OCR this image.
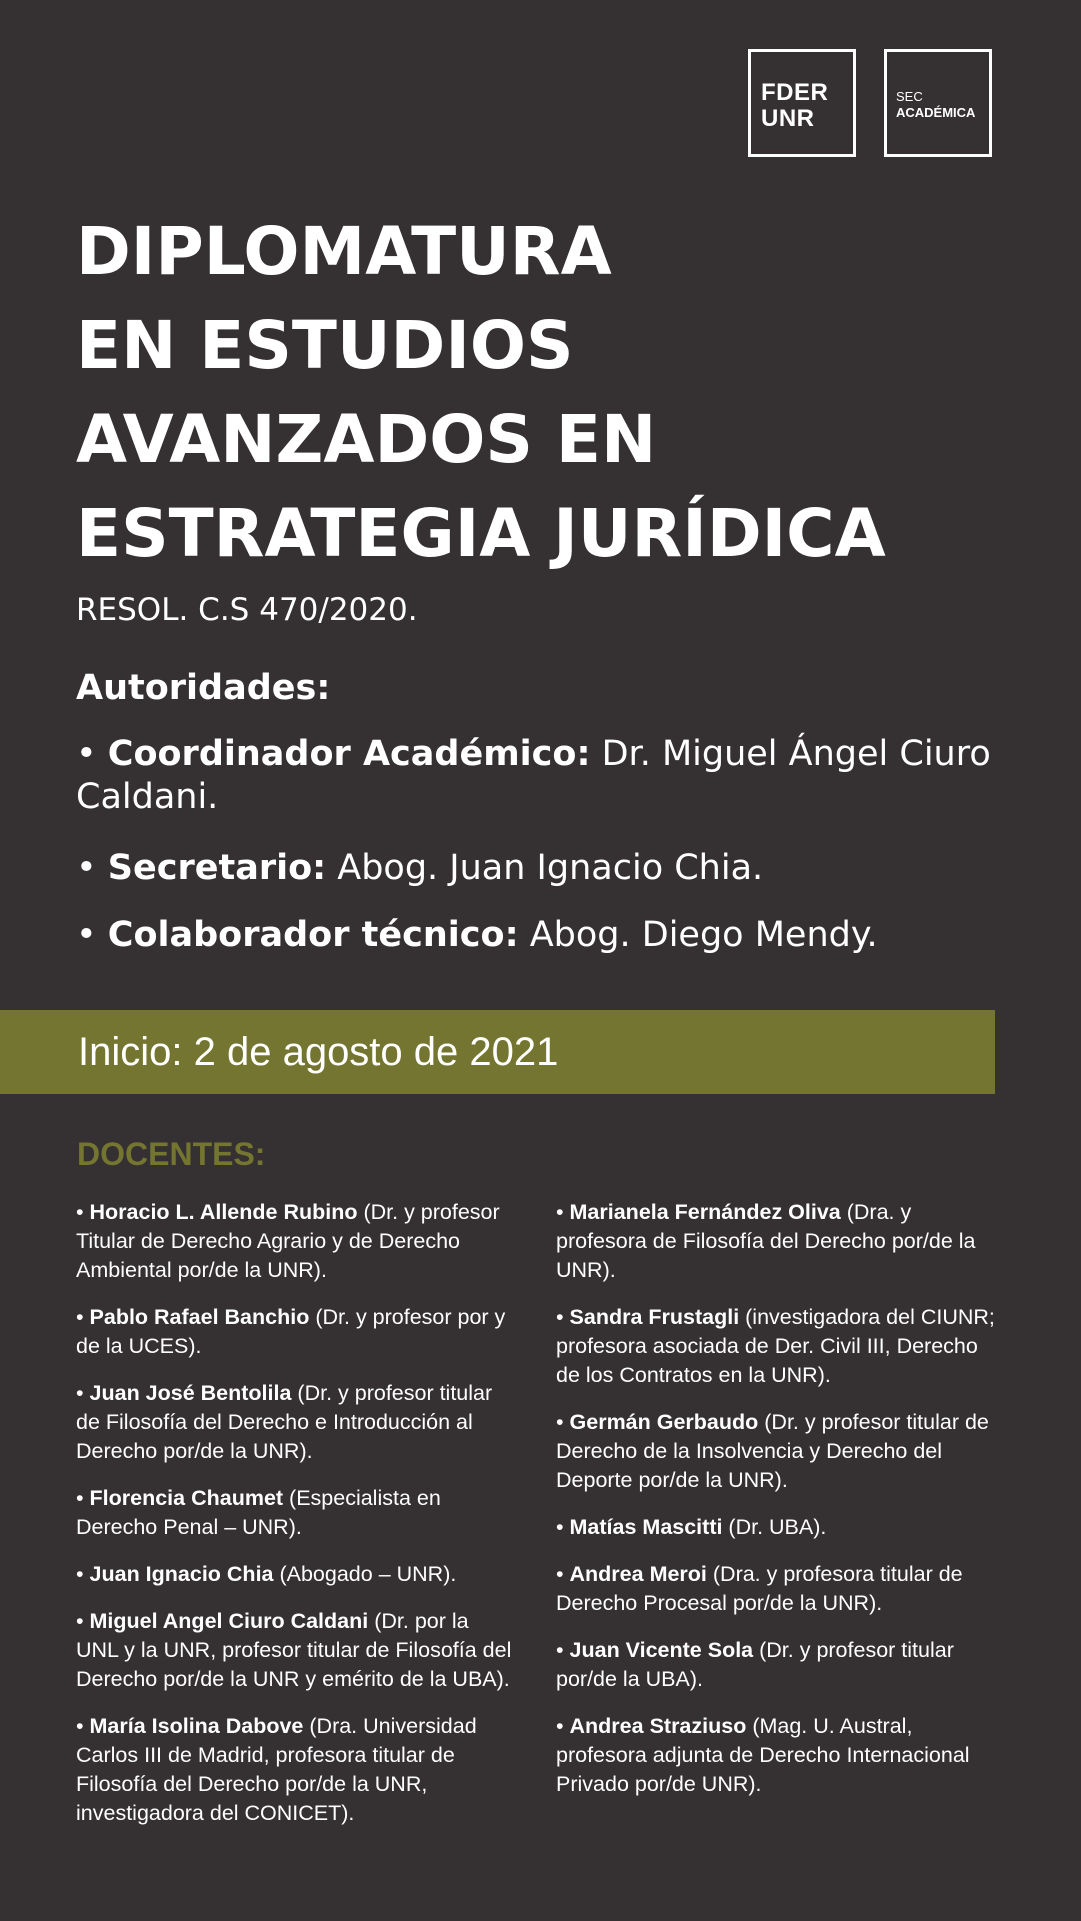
FDER
UNR
SEC
ACADÉMICA
DIPLOMATURA
EN ESTUDIOS
AVANZADOS EN
ESTRATEGIA JURÍDICA
RESOL. C.S 470/2020.
Autoridades:
• Coordinador Académico: Dr. Miguel Ángel Ciuro Caldani.
• Secretario: Abog. Juan Ignacio Chia.
• Colaborador técnico: Abog. Diego Mendy.
Inicio: 2 de agosto de 2021
DOCENTES:
• Horacio L. Allende Rubino (Dr. y profesor Titular de Derecho Agrario y de Derecho Ambiental por/de la UNR).
• Pablo Rafael Banchio (Dr. y profesor por y de la UCES).
• Juan José Bentolila (Dr. y profesor titular de Filosofía del Derecho e Introducción al Derecho por/de la UNR).
• Florencia Chaumet (Especialista en Derecho Penal – UNR).
• Juan Ignacio Chia (Abogado – UNR).
• Miguel Angel Ciuro Caldani (Dr. por la UNL y la UNR, profesor titular de Filosofía del Derecho por/de la UNR y emérito de la UBA).
• María Isolina Dabove (Dra. Universidad Carlos III de Madrid, profesora titular de Filosofía del Derecho por/de la UNR, investigadora del CONICET).
• Marianela Fernández Oliva (Dra. y profesora de Filosofía del Derecho por/de la UNR).
• Sandra Frustagli (investigadora del CIUNR; profesora asociada de Der. Civil III, Derecho de los Contratos en la UNR).
• Germán Gerbaudo (Dr. y profesor titular de Derecho de la Insolvencia y Derecho del Deporte por/de la UNR).
• Matías Mascitti (Dr. UBA).
• Andrea Meroi (Dra. y profesora titular de Derecho Procesal por/de la UNR).
• Juan Vicente Sola (Dr. y profesor titular por/de la UBA).
• Andrea Straziuso (Mag. U. Austral, profesora adjunta de Derecho Internacional Privado por/de UNR).
